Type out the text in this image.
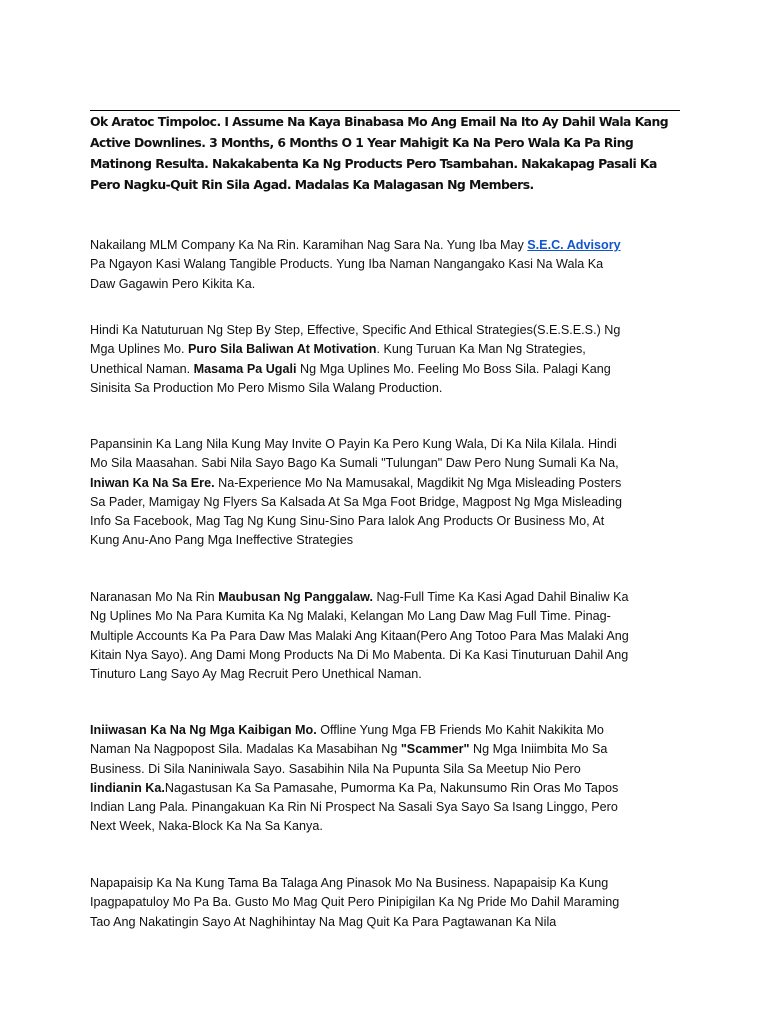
Ok Aratoc Timpoloc. I Assume Na Kaya Binabasa Mo Ang Email Na Ito Ay Dahil Wala Kang Active Downlines. 3 Months, 6 Months O 1 Year Mahigit Ka Na Pero Wala Ka Pa Ring Matinong Resulta. Nakakabenta Ka Ng Products Pero Tsambahan. Nakakapag Pasali Ka Pero Nagku-Quit Rin Sila Agad. Madalas Ka Malagasan Ng Members.

Nakailang MLM Company Ka Na Rin. Karamihan Nag Sara Na. Yung Iba May S.E.C. Advisory Pa Ngayon Kasi Walang Tangible Products. Yung Iba Naman Nangangako Kasi Na Wala Ka Daw Gagawin Pero Kikita Ka.

Hindi Ka Natuturuan Ng Step By Step, Effective, Specific And Ethical Strategies(S.E.S.E.S.) Ng Mga Uplines Mo. Puro Sila Baliwan At Motivation. Kung Turuan Ka Man Ng Strategies, Unethical Naman. Masama Pa Ugali Ng Mga Uplines Mo. Feeling Mo Boss Sila. Palagi Kang Sinisita Sa Production Mo Pero Mismo Sila Walang Production.

Papansinin Ka Lang Nila Kung May Invite O Payin Ka Pero Kung Wala, Di Ka Nila Kilala. Hindi Mo Sila Maasahan. Sabi Nila Sayo Bago Ka Sumali "Tulungan" Daw Pero Nung Sumali Ka Na, Iniwan Ka Na Sa Ere. Na-Experience Mo Na Mamusakal, Magdikit Ng Mga Misleading Posters Sa Pader, Mamigay Ng Flyers Sa Kalsada At Sa Mga Foot Bridge, Magpost Ng Mga Misleading Info Sa Facebook, Mag Tag Ng Kung Sinu-Sino Para Ialok Ang Products Or Business Mo, At Kung Anu-Ano Pang Mga Ineffective Strategies

Naranasan Mo Na Rin Maubusan Ng Panggalaw. Nag-Full Time Ka Kasi Agad Dahil Binaliw Ka Ng Uplines Mo Na Para Kumita Ka Ng Malaki, Kelangan Mo Lang Daw Mag Full Time. Pinag-Multiple Accounts Ka Pa Para Daw Mas Malaki Ang Kitaan(Pero Ang Totoo Para Mas Malaki Ang Kitain Nya Sayo). Ang Dami Mong Products Na Di Mo Mabenta. Di Ka Kasi Tinuturuan Dahil Ang Tinuturo Lang Sayo Ay Mag Recruit Pero Unethical Naman.

Iniiwasan Ka Na Ng Mga Kaibigan Mo. Offline Yung Mga FB Friends Mo Kahit Nakikita Mo Naman Na Nagpopost Sila. Madalas Ka Masabihan Ng "Scammer" Ng Mga Iniimbita Mo Sa Business. Di Sila Naniniwala Sayo. Sasabihin Nila Na Pupunta Sila Sa Meetup Nio Pero Iindianin Ka.Nagastusan Ka Sa Pamasahe, Pumorma Ka Pa, Nakunsumo Rin Oras Mo Tapos Indian Lang Pala. Pinangakuan Ka Rin Ni Prospect Na Sasali Sya Sayo Sa Isang Linggo, Pero Next Week, Naka-Block Ka Na Sa Kanya.

Napapaisip Ka Na Kung Tama Ba Talaga Ang Pinasok Mo Na Business. Napapaisip Ka Kung Ipagpapatuloy Mo Pa Ba. Gusto Mo Mag Quit Pero Pinipigilan Ka Ng Pride Mo Dahil Maraming Tao Ang Nakatingin Sayo At Naghihintay Na Mag Quit Ka Para Pagtawanan Ka Nila
